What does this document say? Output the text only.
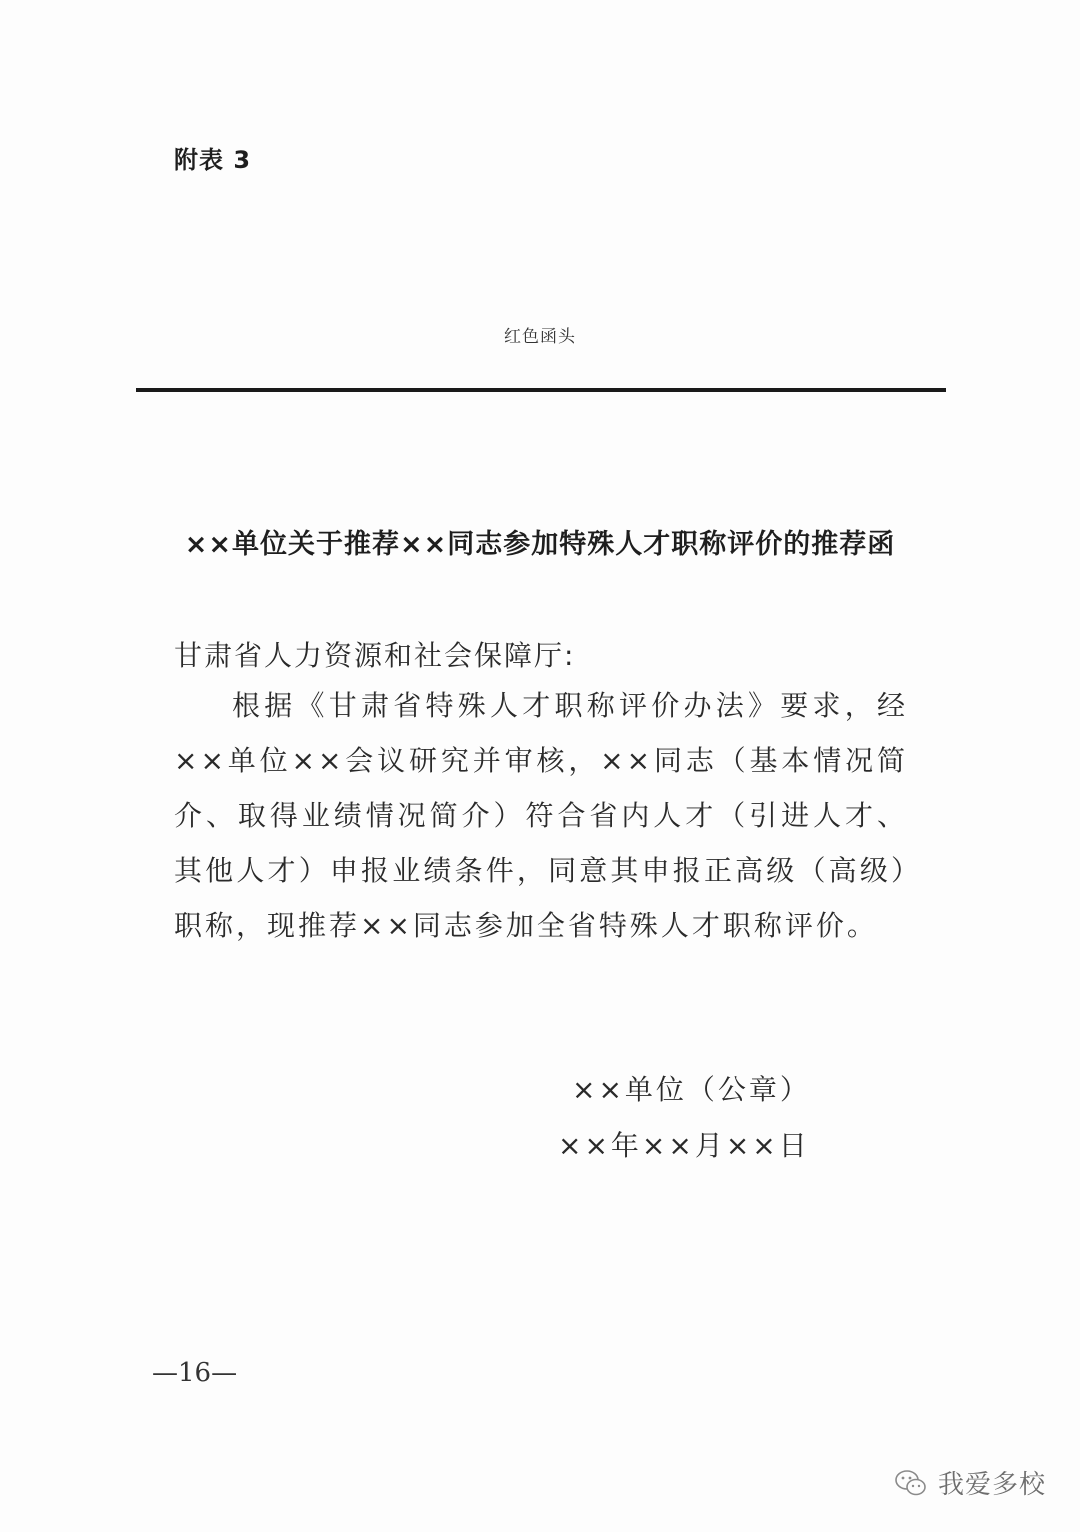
附表 3
红色函头
××单位关于推荐××同志参加特殊人才职称评价的推荐函
甘肃省人力资源和社会保障厅:

根据《甘肃省特殊人才职称评价办法》要求，经××单位××会议研究并审核，××同志（基本情况简介、取得业绩情况简介）符合省内人才（引进人才、其他人才）申报业绩条件，同意其申报正高级（高级）职称，现推荐××同志参加全省特殊人才职称评价。

××单位（公章）
××年××月××日
—16—
我爱多校
